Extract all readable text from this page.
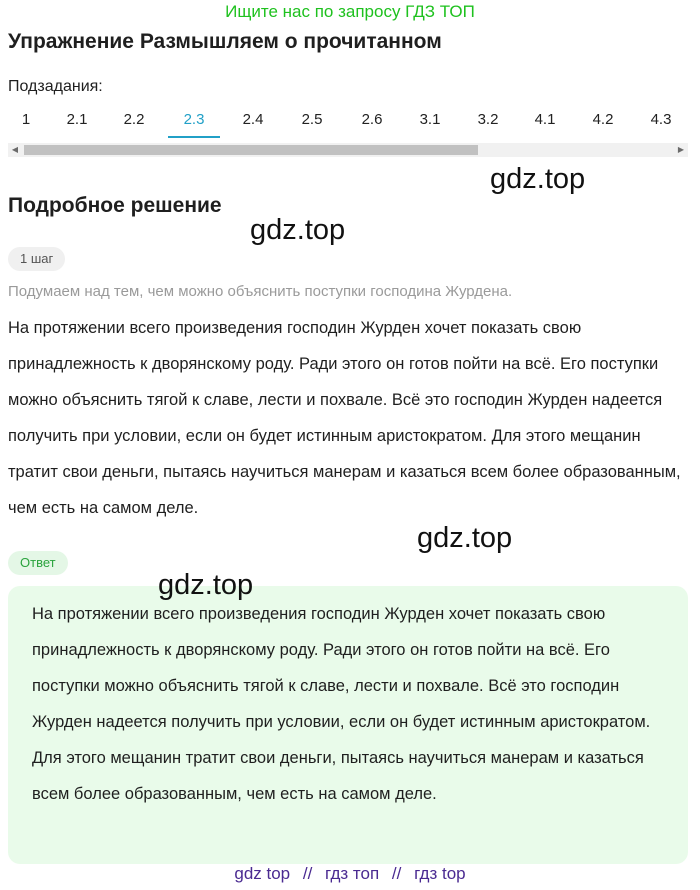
Ищите нас по запросу ГДЗ ТОП
Упражнение Размышляем о прочитанном
Подзадания:
1	2.1	2.2	2.3	2.4	2.5	2.6	3.1	3.2	4.1	4.2	4.3
◀	▶
gdz.top
Подробное решение
gdz.top
1 шаг
Подумаем над тем, чем можно объяснить поступки господина Журдена.

На протяжении всего произведения господин Журден хочет показать свою принадлежность к дворянскому роду. Ради этого он готов пойти на всё. Его поступки можно объяснить тягой к славе, лести и похвале. Всё это господин Журден надеется получить при условии, если он будет истинным аристократом. Для этого мещанин тратит свои деньги, пытаясь научиться манерам и казаться всем более образованным, чем есть на самом деле.

gdz.top
Ответ

На протяжении всего произведения господин Журден хочет показать свою принадлежность к дворянскому роду. Ради этого он готов пойти на всё. Его поступки можно объяснить тягой к славе, лести и похвале. Всё это господин Журден надеется получить при условии, если он будет истинным аристократом. Для этого мещанин тратит свои деньги, пытаясь научиться манерам и казаться всем более образованным, чем есть на самом деле.

gdz.top
gdz top // гдз топ // гдз top
